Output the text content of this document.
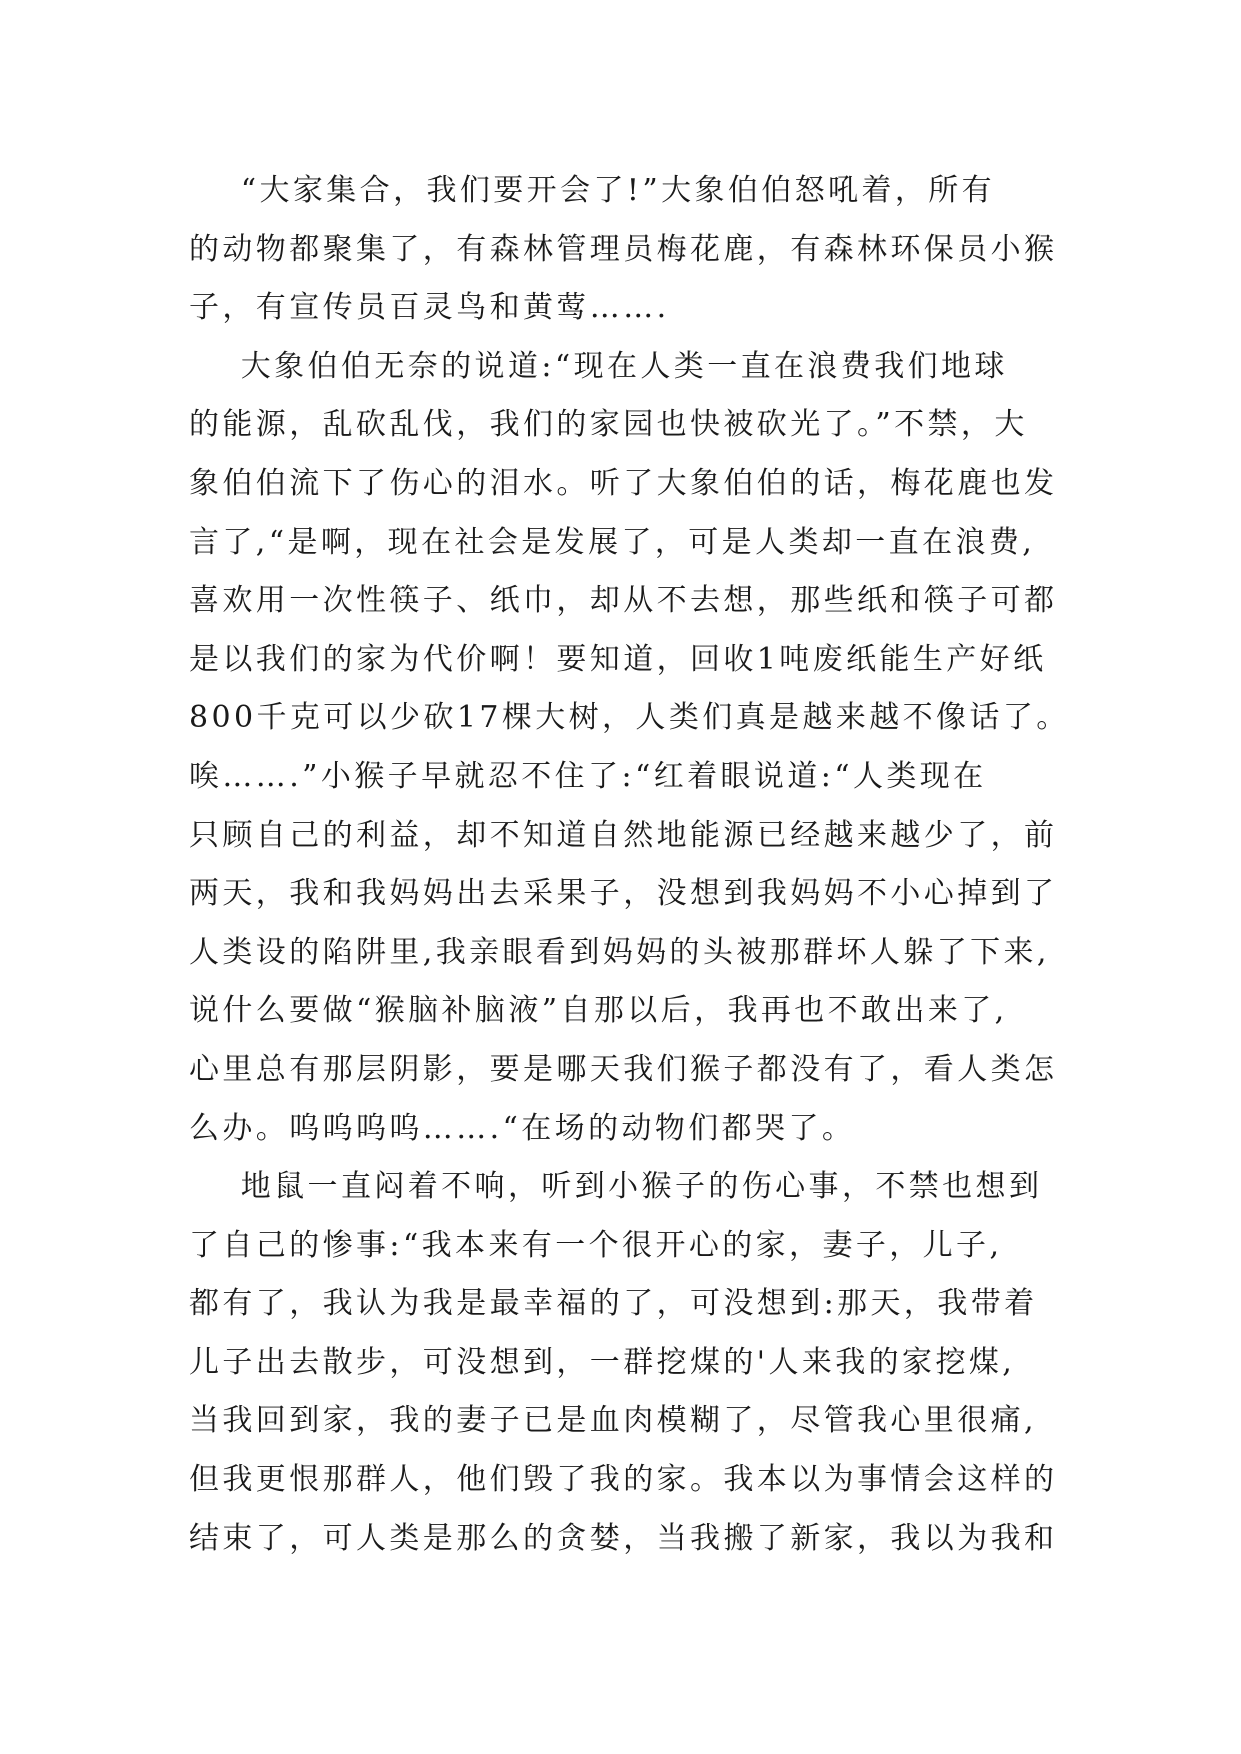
“大家集合，我们要开会了!”大象伯伯怒吼着，所有
的动物都聚集了，有森林管理员梅花鹿，有森林环保员小猴
子，有宣传员百灵鸟和黄莺…….
大象伯伯无奈的说道:“现在人类一直在浪费我们地球
的能源，乱砍乱伐，我们的家园也快被砍光了。”不禁，大
象伯伯流下了伤心的泪水。听了大象伯伯的话，梅花鹿也发
言了,“是啊，现在社会是发展了，可是人类却一直在浪费,
喜欢用一次性筷子、纸巾，却从不去想，那些纸和筷子可都
是以我们的家为代价啊！要知道，回收1吨废纸能生产好纸
800千克可以少砍17棵大树，人类们真是越来越不像话了。
唉…….”小猴子早就忍不住了:“红着眼说道:“人类现在
只顾自己的利益，却不知道自然地能源已经越来越少了，前
两天，我和我妈妈出去采果子，没想到我妈妈不小心掉到了
人类设的陷阱里,我亲眼看到妈妈的头被那群坏人躲了下来,
说什么要做“猴脑补脑液”自那以后，我再也不敢出来了,
心里总有那层阴影，要是哪天我们猴子都没有了，看人类怎
么办。呜呜呜呜…….“在场的动物们都哭了。
地鼠一直闷着不响，听到小猴子的伤心事，不禁也想到
了自己的惨事:“我本来有一个很开心的家，妻子，儿子,
都有了，我认为我是最幸福的了，可没想到:那天，我带着
儿子出去散步，可没想到，一群挖煤的'人来我的家挖煤,
当我回到家，我的妻子已是血肉模糊了，尽管我心里很痛,
但我更恨那群人，他们毁了我的家。我本以为事情会这样的
结束了，可人类是那么的贪婪，当我搬了新家，我以为我和
